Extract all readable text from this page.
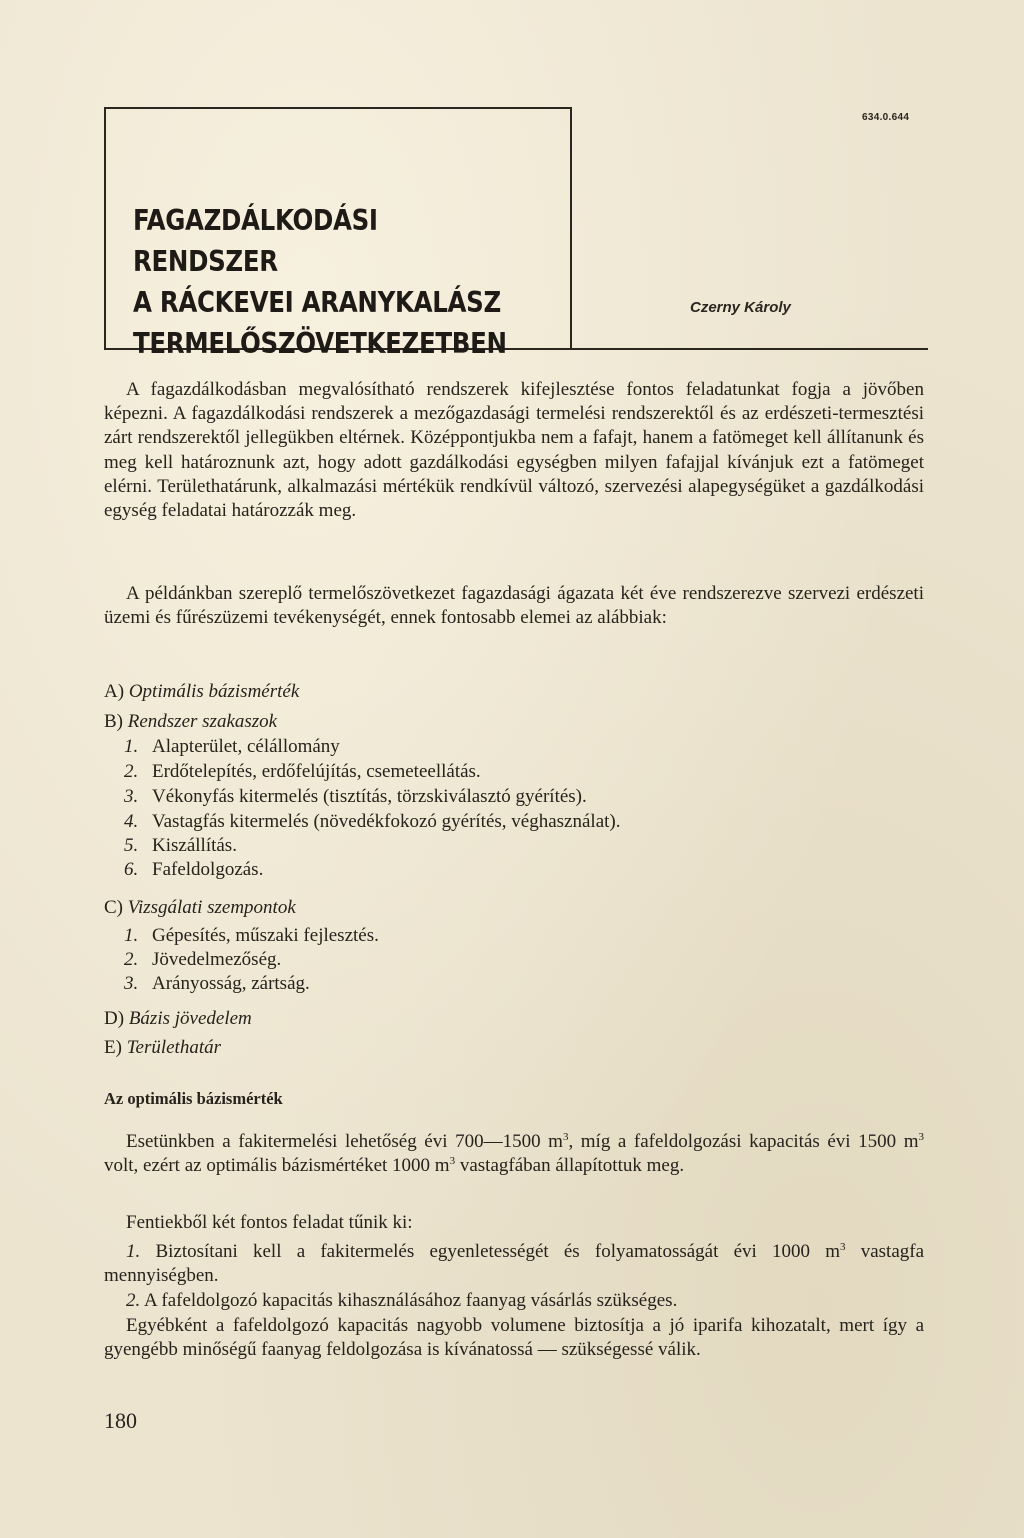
634.0.644
FAGAZDÁLKODÁSI RENDSZER
A RÁCKEVEI ARANYKALÁSZ
TERMELŐSZÖVETKEZETBEN
Czerny Károly
A fagazdálkodásban megvalósítható rendszerek kifejlesztése fontos feladatunkat fogja a jövőben képezni. A fagazdálkodási rendszerek a mezőgazdasági termelési rendszerektől és az erdészeti-termesztési zárt rendszerektől jellegükben eltérnek. Középpontjukba nem a fafajt, hanem a fatömeget kell állítanunk és meg kell határoznunk azt, hogy adott gazdálkodási egységben milyen fafajjal kívánjuk ezt a fatömeget elérni. Területhatárunk, alkalmazási mértékük rendkívül változó, szervezési alapegységüket a gazdálkodási egység feladatai határozzák meg.
A példánkban szereplő termelőszövetkezet fagazdasági ágazata két éve rendszerezve szervezi erdészeti üzemi és fűrészüzemi tevékenységét, ennek fontosabb elemei az alábbiak:
A) Optimális bázismérték
B) Rendszer szakaszok
1. Alapterület, célállomány
2. Erdőtelepítés, erdőfelújítás, csemeteellátás.
3. Vékonyfás kitermelés (tisztítás, törzskiválasztó gyérítés).
4. Vastagfás kitermelés (növedékfokozó gyérítés, véghasználat).
5. Kiszállítás.
6. Fafeldolgozás.
C) Vizsgálati szempontok
1. Gépesítés, műszaki fejlesztés.
2. Jövedelmezőség.
3. Arányosság, zártság.
D) Bázis jövedelem
E) Területhatár
Az optimális bázismérték
Esetünkben a fakitermelési lehetőség évi 700—1500 $m^3$, míg a fafeldolgozási kapacitás évi 1500 $m^3$ volt, ezért az optimális bázismértéket 1000 $m^3$ vastagfában állapítottuk meg.
Fentiekből két fontos feladat tűnik ki:
1. Biztosítani kell a fakitermelés egyenletességét és folyamatosságát évi 1000 $m^3$ vastagfa mennyiségben.
2. A fafeldolgozó kapacitás kihasználásához faanyag vásárlás szükséges.
Egyébként a fafeldolgozó kapacitás nagyobb volumene biztosítja a jó iparifa kihozatalt, mert így a gyengébb minőségű faanyag feldolgozása is kívánatossá — szükségessé válik.
180
